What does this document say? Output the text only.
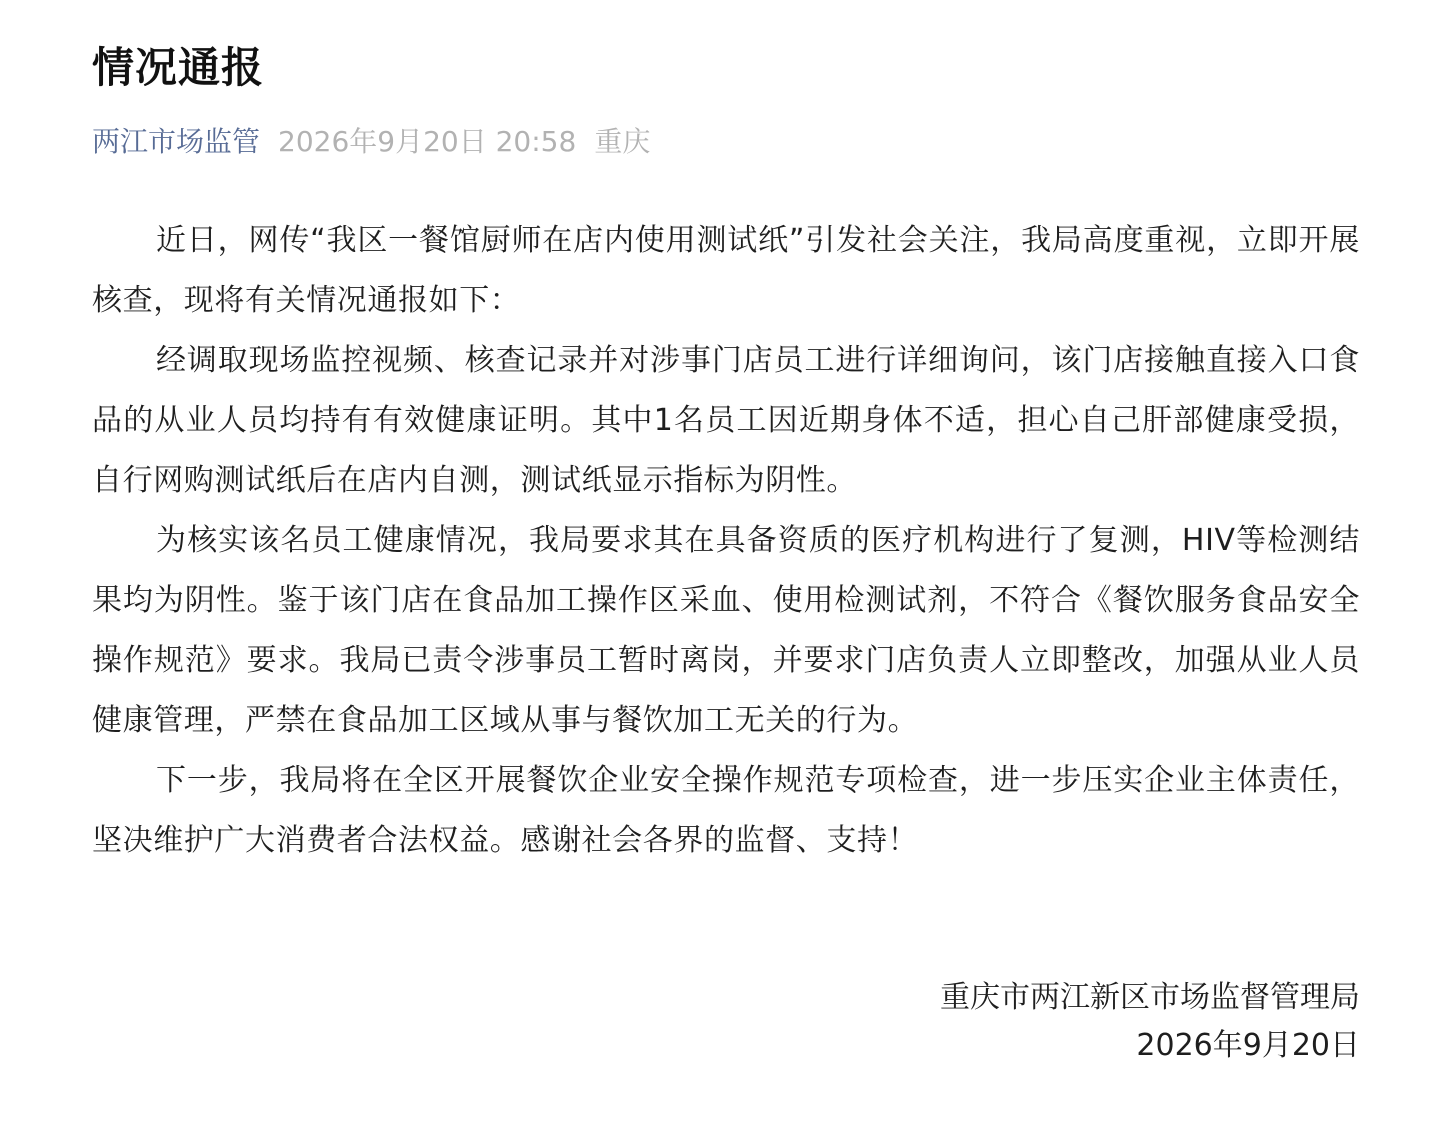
情况通报
两江市场监管 2026年9月20日 20:58 重庆

近日，网传“我区一餐馆厨师在店内使用测试纸”引发社会关注，我局高度重视，立即开展核查，现将有关情况通报如下：

经调取现场监控视频、核查记录并对涉事门店员工进行详细询问，该门店接触直接入口食品的从业人员均持有有效健康证明。其中1名员工因近期身体不适，担心自己肝部健康受损，自行网购测试纸后在店内自测，测试纸显示指标为阴性。

为核实该名员工健康情况，我局要求其在具备资质的医疗机构进行了复测，HIV等检测结果均为阴性。鉴于该门店在食品加工操作区采血、使用检测试剂，不符合《餐饮服务食品安全操作规范》要求。我局已责令涉事员工暂时离岗，并要求门店负责人立即整改，加强从业人员健康管理，严禁在食品加工区域从事与餐饮加工无关的行为。

下一步，我局将在全区开展餐饮企业安全操作规范专项检查，进一步压实企业主体责任，坚决维护广大消费者合法权益。感谢社会各界的监督、支持！

重庆市两江新区市场监督管理局
2026年9月20日
